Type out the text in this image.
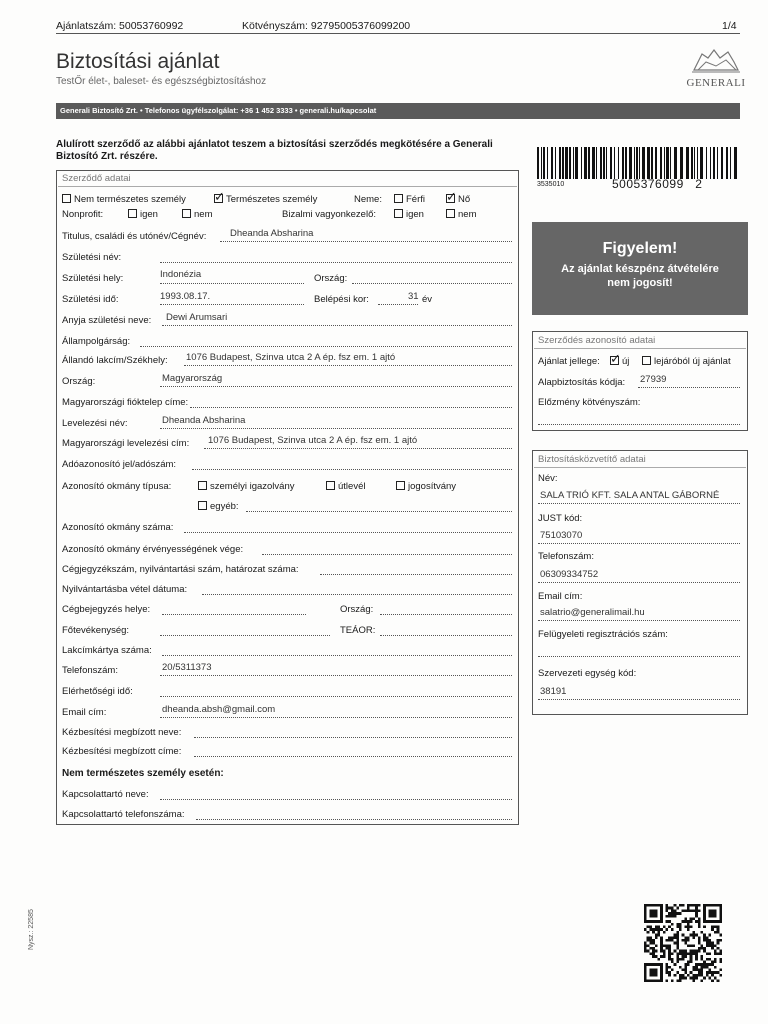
Ajánlatszám: 50053760992	Kötvényszám: 92795005376099200	1/4
Biztosítási ajánlat
TestŐr élet-, baleset- és egészségbiztosításhoz	GENERALI
Generali Biztosító Zrt. • Telefonos ügyfélszolgálat: +36 1 452 3333 • generali.hu/kapcsolat
Alulírott szerződő az alábbi ajánlatot teszem a biztosítási szerződés megkötésére a Generali Biztosító Zrt. részére.
3535010	5005376099 2
Figyelem!
Az ajánlat készpénz átvételére
nem jogosít!
Szerződő adatai
Nem természetes személy ✓	Természetes személy	Neme:	Férfi ✓	Nő
Nonprofit:	igen	nem	Bizalmi vagyonkezelő:	igen	nem
Titulus, családi és utónév/Cégnév: Dheanda Absharina
Születési név:
Születési hely:	Indonézia	Ország:
Születési idő:	1993.08.17.	Belépési kor:	31 év
Anyja születési neve: Dewi Arumsari
Állampolgárság:
Állandó lakcím/Székhely: 1076 Budapest, Szinva utca 2 A ép. fsz em. 1 ajtó
Ország:	Magyarország
Magyarországi fióktelep címe:
Levelezési név:	Dheanda Absharina
Magyarországi levelezési cím: 1076 Budapest, Szinva utca 2 A ép. fsz em. 1 ajtó
Adóazonosító jel/adószám:
Azonosító okmány típusa:	személyi igazolvány	útlevél	jogosítvány
egyéb:
Azonosító okmány száma:
Azonosító okmány érvényességének vége:
Cégjegyzékszám, nyilvántartási szám, határozat száma:
Nyilvántartásba vétel dátuma:
Cégbejegyzés helye:	Ország:
Főtevékenység:	TEÁOR:
Lakcímkártya száma:
Telefonszám:	20/5311373
Elérhetőségi idő:
Email cím:	dheanda.absh@gmail.com
Kézbesítési megbízott neve:
Kézbesítési megbízott címe:
Nem természetes személy esetén:
Kapcsolattartó neve:
Kapcsolattartó telefonszáma:
Szerződés azonosító adatai
Ajánlat jellege: ✓	új	lejáróból új ajánlat
Alapbiztosítás kódja: 27939
Előzmény kötvényszám:
Biztosításközvetítő adatai
Név:
SALA TRIÓ KFT. SALA ANTAL GÁBORNÉ
JUST kód:
75103070
Telefonszám:
06309334752
Email cím:
salatrio@generalimail.hu
Felügyeleti regisztrációs szám:
Szervezeti egység kód:
38191
Nysz.: 22585
